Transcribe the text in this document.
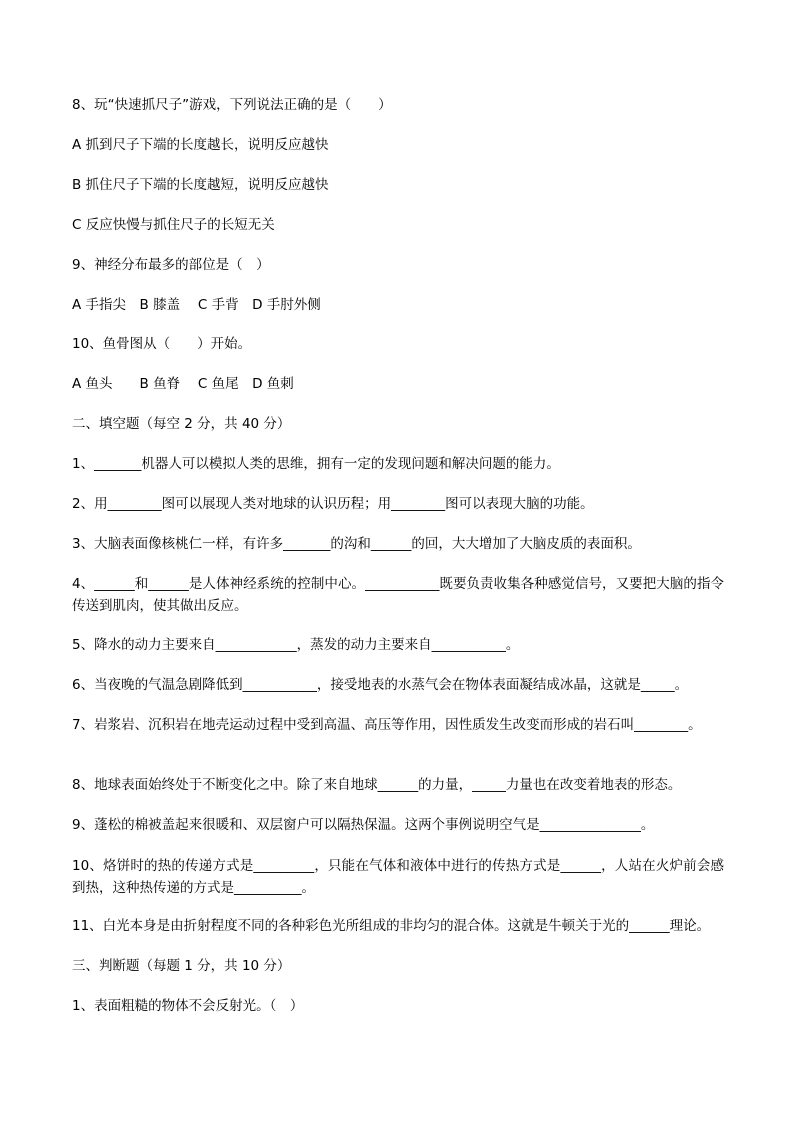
8、玩“快速抓尺子”游戏，下列说法正确的是（　　）
A 抓到尺子下端的长度越长，说明反应越快
B 抓住尺子下端的长度越短，说明反应越快
C 反应快慢与抓住尺子的长短无关
9、神经分布最多的部位是（　）
A 手指尖　B 膝盖　 C 手背　D 手肘外侧
10、鱼骨图从（　　）开始。
A 鱼头　　B 鱼脊　 C 鱼尾　D 鱼刺
二、填空题（每空 2 分，共 40 分）
1、_______机器人可以模拟人类的思维，拥有一定的发现问题和解决问题的能力。
2、用________图可以展现人类对地球的认识历程；用________图可以表现大脑的功能。
3、大脑表面像核桃仁一样，有许多_______的沟和______的回，大大增加了大脑皮质的表面积。
4、______和______是人体神经系统的控制中心。___________既要负责收集各种感觉信号，又要把大脑的指令传送到肌肉，使其做出反应。
5、降水的动力主要来自____________，蒸发的动力主要来自___________。
6、当夜晚的气温急剧降低到___________，接受地表的水蒸气会在物体表面凝结成冰晶，这就是_____。
7、岩浆岩、沉积岩在地壳运动过程中受到高温、高压等作用，因性质发生改变而形成的岩石叫________。
8、地球表面始终处于不断变化之中。除了来自地球______的力量，_____力量也在改变着地表的形态。
9、蓬松的棉被盖起来很暖和、双层窗户可以隔热保温。这两个事例说明空气是_______________。
10、烙饼时的热的传递方式是_________，只能在气体和液体中进行的传热方式是______，人站在火炉前会感到热，这种热传递的方式是__________。
11、白光本身是由折射程度不同的各种彩色光所组成的非均匀的混合体。这就是牛顿关于光的______理论。
三、判断题（每题 1 分，共 10 分）
1、表面粗糙的物体不会反射光。（　）
